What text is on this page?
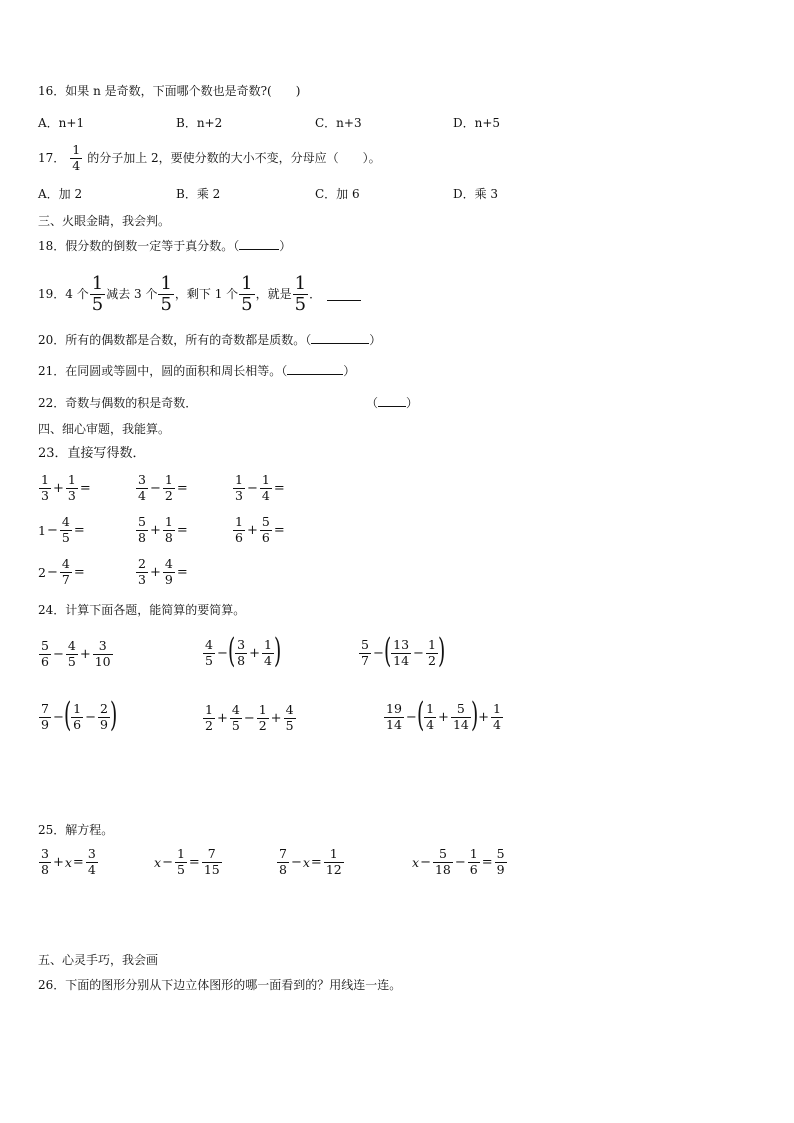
16．如果 n 是奇数，下面哪个数也是奇数?(　　)
A．n+1	B．n+2	C．n+3	D．n+5
17． $\frac{1}{4}$ 的分子加上 2，要使分数的大小不变，分母应（　　）。
A．加 2	B．乘 2	C．加 6	D．乘 3
三、火眼金睛，我会判。
18．假分数的倒数一定等于真分数。（	）
19．4 个 $\frac{1}{5}$ 减去 3 个 $\frac{1}{5}$ ，剩下 1 个 $\frac{1}{5}$ ，就是 $\frac{1}{5}$ ．
20．所有的偶数都是合数，所有的奇数都是质数。（	）
21．在同圆或等圆中，圆的面积和周长相等。（	）
22．奇数与偶数的积是奇数．	（ ）
四、细心审题，我能算。
23．直接写得数．
$\frac{1}{3} + \frac{1}{3}$ =	$\frac{3}{4} - \frac{1}{2}$ =	$\frac{1}{3} - \frac{1}{4}$ =
$1 - \frac{4}{5}$ =	$\frac{5}{8} + \frac{1}{8}$ =	$\frac{1}{6} + \frac{5}{6}$ =
$2 - \frac{4}{7}$ =	$\frac{2}{3} + \frac{4}{9}$ =
24．计算下面各题，能简算的要简算。
$\frac{5}{6} - \frac{4}{5} + \frac{3}{10}$	$\frac{4}{5}$ − ( $\frac{3}{8} + \frac{1}{4}$ )	$\frac{5}{7}$ − ( $\frac{13}{14} - \frac{1}{2}$ )
$\frac{7}{9}$ − ( $\frac{1}{6} - \frac{2}{9}$ )	$\frac{1}{2} + \frac{4}{5} - \frac{1}{2} + \frac{4}{5}$	$\frac{19}{14}$ − ( $\frac{1}{4} + \frac{5}{14}$ ) + $\frac{1}{4}$
25．解方程。
$\frac{3}{8} + x = \frac{3}{4}$	$x - \frac{1}{5} = \frac{7}{15}$	$\frac{7}{8} - x = \frac{1}{12}$	$x - \frac{5}{18} - \frac{1}{6} = \frac{5}{9}$
五、心灵手巧，我会画
26．下面的图形分别从下边立体图形的哪一面看到的？用线连一连。
